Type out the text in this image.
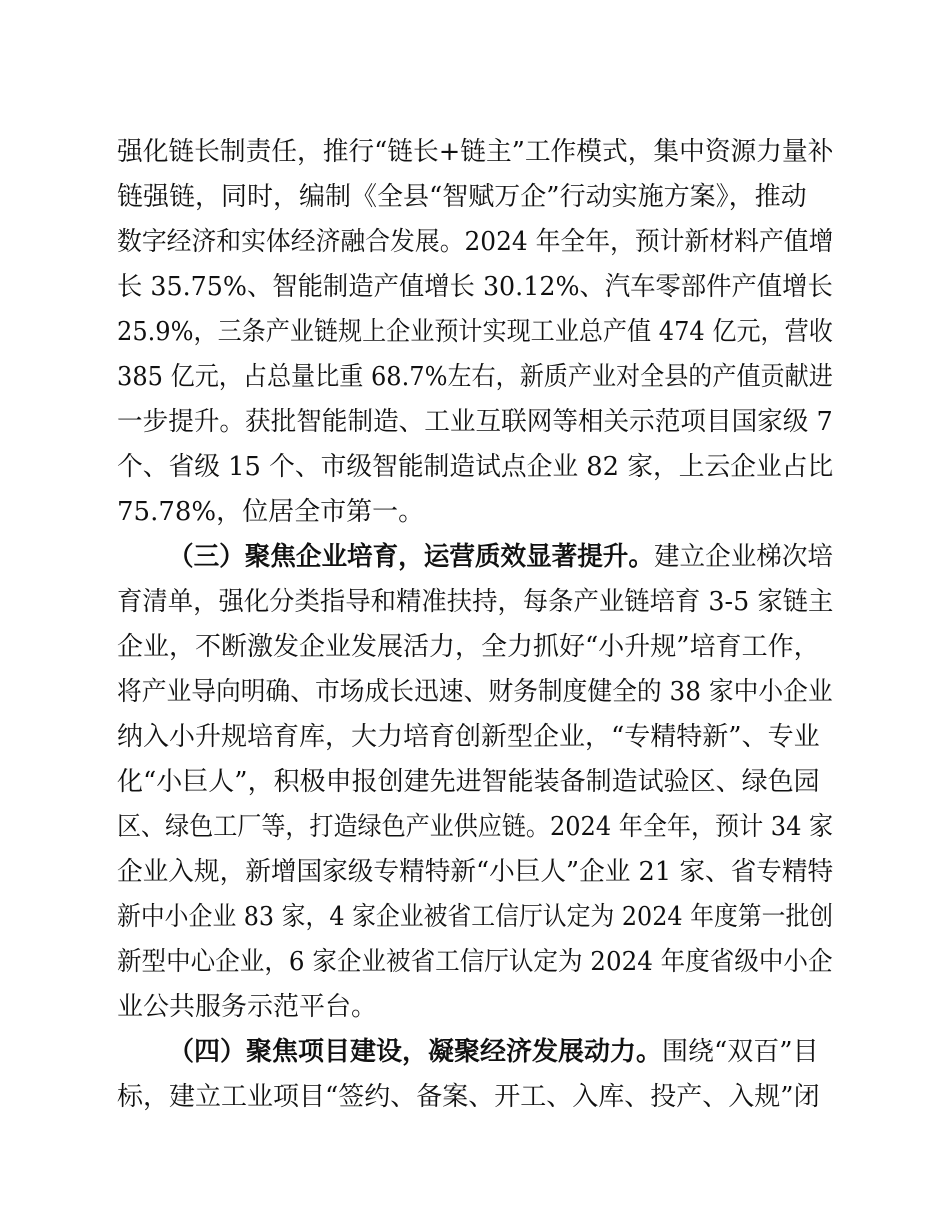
强化链长制责任，推行“链长+链主”工作模式，集中资源力量补
链强链，同时，编制《全县“智赋万企”行动实施方案》，推动
数字经济和实体经济融合发展。2024 年全年，预计新材料产值增
长 35.75%、智能制造产值增长 30.12%、汽车零部件产值增长
25.9%，三条产业链规上企业预计实现工业总产值 474 亿元，营收
385 亿元，占总量比重 68.7%左右，新质产业对全县的产值贡献进
一步提升。获批智能制造、工业互联网等相关示范项目国家级 7
个、省级 15 个、市级智能制造试点企业 82 家，上云企业占比
75.78%，位居全市第一。
（三）聚焦企业培育，运营质效显著提升。建立企业梯次培
育清单，强化分类指导和精准扶持，每条产业链培育 3-5 家链主
企业，不断激发企业发展活力，全力抓好“小升规”培育工作，
将产业导向明确、市场成长迅速、财务制度健全的 38 家中小企业
纳入小升规培育库，大力培育创新型企业，“专精特新”、专业
化“小巨人”，积极申报创建先进智能装备制造试验区、绿色园
区、绿色工厂等，打造绿色产业供应链。2024 年全年，预计 34 家
企业入规，新增国家级专精特新“小巨人”企业 21 家、省专精特
新中小企业 83 家，4 家企业被省工信厅认定为 2024 年度第一批创
新型中心企业，6 家企业被省工信厅认定为 2024 年度省级中小企
业公共服务示范平台。
（四）聚焦项目建设，凝聚经济发展动力。围绕“双百”目
标，建立工业项目“签约、备案、开工、入库、投产、入规”闭
